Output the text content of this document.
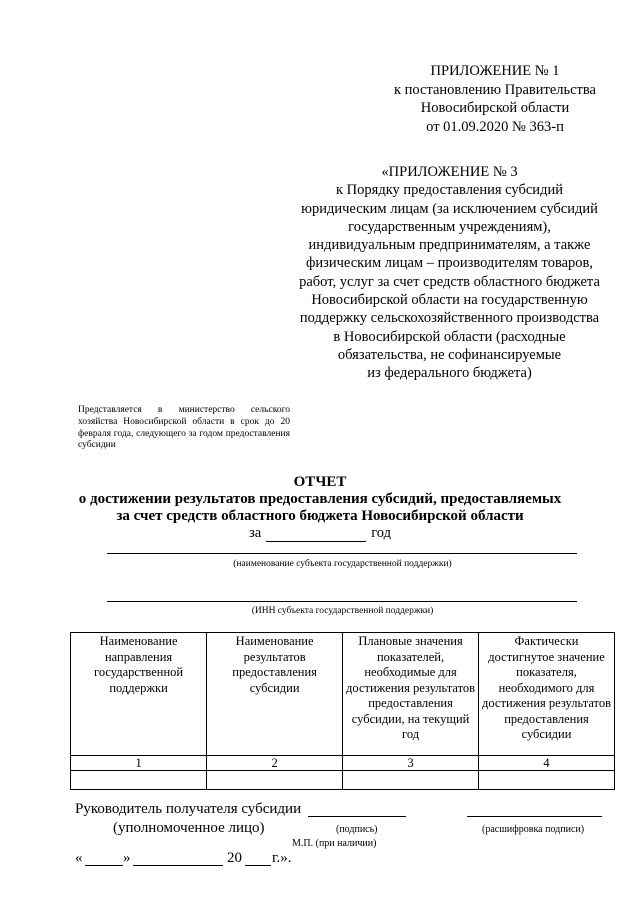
ПРИЛОЖЕНИЕ № 1
к постановлению Правительства
Новосибирской области
от 01.09.2020 № 363-п
«ПРИЛОЖЕНИЕ № 3
к Порядку предоставления субсидий
юридическим лицам (за исключением субсидий
государственным учреждениям),
индивидуальным предпринимателям, а также
физическим лицам – производителям товаров,
работ, услуг за счет средств областного бюджета
Новосибирской области на государственную
поддержку сельскохозяйственного производства
в Новосибирской области (расходные
обязательства, не софинансируемые
из федерального бюджета)
Представляется в министерство сельского хозяйства Новосибирской области в срок до 20 февраля года, следующего за годом предоставления субсидии
ОТЧЕТ
о достижении результатов предоставления субсидий, предоставляемых
за счет средств областного бюджета Новосибирской области
за	год
(наименование субъекта государственной поддержки)
(ИНН субъекта государственной поддержки)
Наименование направления государственной поддержки	Наименование результатов предоставления субсидии	Плановые значения показателей, необходимые для достижения результатов предоставления субсидии, на текущий год	Фактически достигнутое значение показателя, необходимого для достижения результатов предоставления субсидии
1	2	3	4

Руководитель получателя субсидии
(уполномоченное лицо)	(подпись)	(расшифровка подписи)
М.П. (при наличии)
«	»	20 г.».
